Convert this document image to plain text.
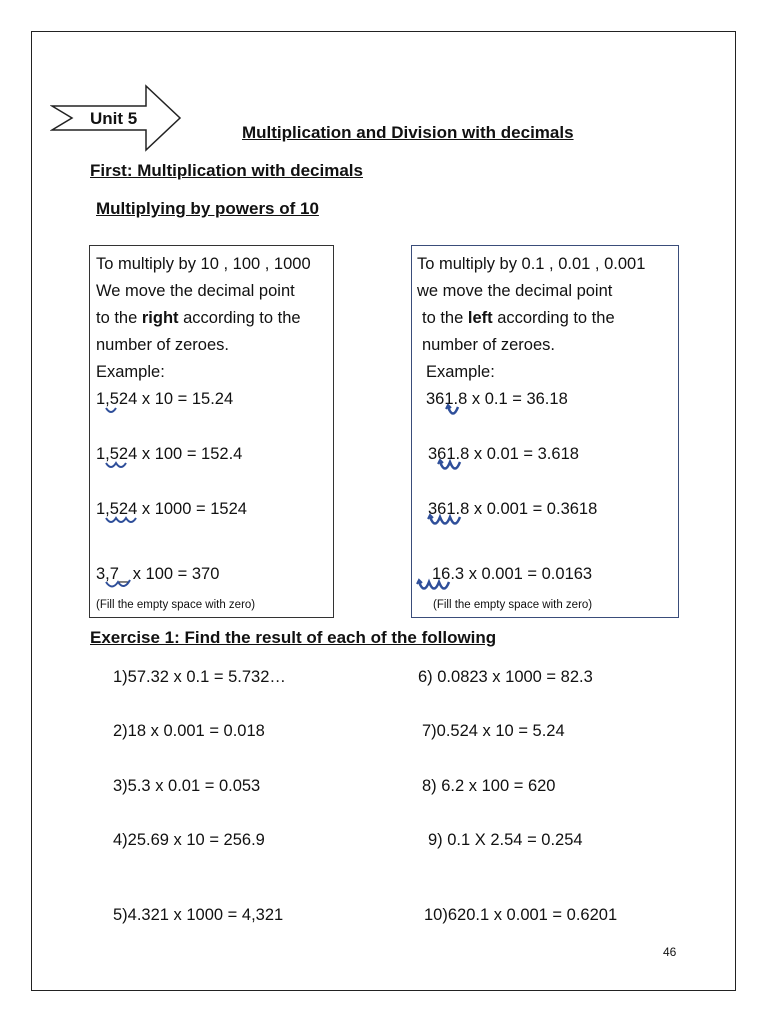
Unit 5
Multiplication and Division with decimals
First: Multiplication with decimals
Multiplying by powers of 10
To multiply by 10 , 100 , 1000
We move the decimal point
to the right according to the
number of zeroes.
Example:
1,524 x 10 = 15.24
1,524 x 100 = 152.4
1,524 x 1000 = 1524
3,7_ x 100 = 370
(Fill the empty space with zero)
To multiply by 0.1 , 0.01 , 0.001
we move the decimal point
to the left according to the
number of zeroes.
Example:
361.8 x 0.1 = 36.18
361.8 x 0.01 = 3.618
361.8 x 0.001 = 0.3618
16.3 x 0.001 = 0.0163
(Fill the empty space with zero)
Exercise 1: Find the result of each of the following
1)57.32 x 0.1 = 5.732…	6) 0.0823 x 1000 = 82.3
2)18 x 0.001 = 0.018	7)0.524 x 10 = 5.24
3)5.3 x 0.01 = 0.053	8) 6.2 x 100 = 620
4)25.69 x 10 = 256.9	9) 0.1 X 2.54 = 0.254
5)4.321 x 1000 = 4,321	10)620.1 x 0.001 = 0.6201
46
